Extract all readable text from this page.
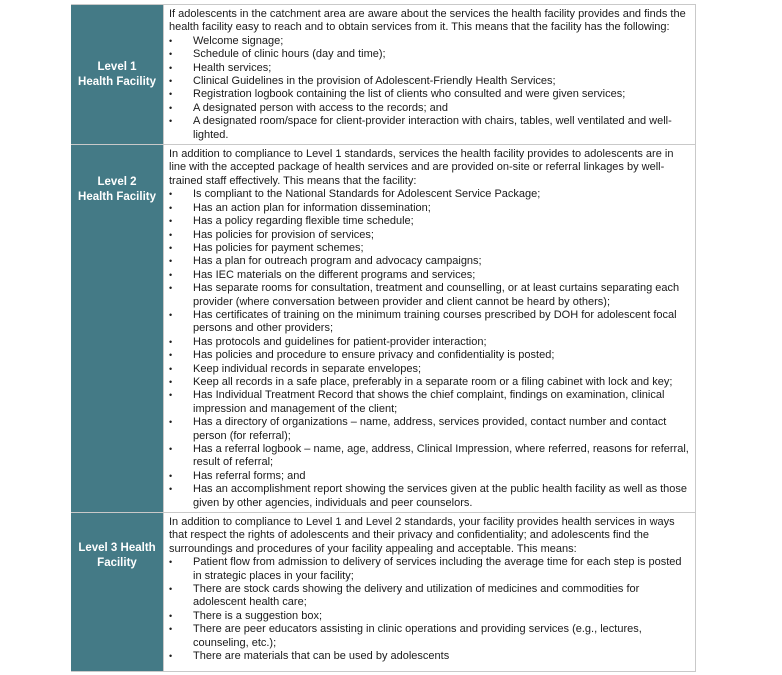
Level 1
Health Facility

If adolescents in the catchment area are aware about the services the health facility provides and finds the health facility easy to reach and to obtain services from it. This means that the facility has the following:

• Welcome signage;
• Schedule of clinic hours (day and time);
• Health services;
• Clinical Guidelines in the provision of Adolescent-Friendly Health Services;
• Registration logbook containing the list of clients who consulted and were given services;
• A designated person with access to the records; and
• A designated room/space for client-provider interaction with chairs, tables, well ventilated and well-lighted.
Level 2
Health Facility

In addition to compliance to Level 1 standards, services the health facility provides to adolescents are in line with the accepted package of health services and are provided on-site or referral linkages by well-trained staff effectively. This means that the facility:

• Is compliant to the National Standards for Adolescent Service Package;
• Has an action plan for information dissemination;
• Has a policy regarding flexible time schedule;
• Has policies for provision of services;
• Has policies for payment schemes;
• Has a plan for outreach program and advocacy campaigns;
• Has IEC materials on the different programs and services;
• Has separate rooms for consultation, treatment and counselling, or at least curtains separating each provider (where conversation between provider and client cannot be heard by others);
• Has certificates of training on the minimum training courses prescribed by DOH for adolescent focal persons and other providers;
• Has protocols and guidelines for patient-provider interaction;
• Has policies and procedure to ensure privacy and confidentiality is posted;
• Keep individual records in separate envelopes;
• Keep all records in a safe place, preferably in a separate room or a filing cabinet with lock and key;
• Has Individual Treatment Record that shows the chief complaint, findings on examination, clinical impression and management of the client;
• Has a directory of organizations – name, address, services provided, contact number and contact person (for referral);
• Has a referral logbook – name, age, address, Clinical Impression, where referred, reasons for referral, result of referral;
• Has referral forms; and
• Has an accomplishment report showing the services given at the public health facility as well as those given by other agencies, individuals and peer counselors.
Level 3 Health
Facility

In addition to compliance to Level 1 and Level 2 standards, your facility provides health services in ways that respect the rights of adolescents and their privacy and confidentiality; and adolescents find the surroundings and procedures of your facility appealing and acceptable. This means:

• Patient flow from admission to delivery of services including the average time for each step is posted in strategic places in your facility;
• There are stock cards showing the delivery and utilization of medicines and commodities for adolescent health care;
• There is a suggestion box;
• There are peer educators assisting in clinic operations and providing services (e.g., lectures, counseling, etc.);
• There are materials that can be used by adolescents
